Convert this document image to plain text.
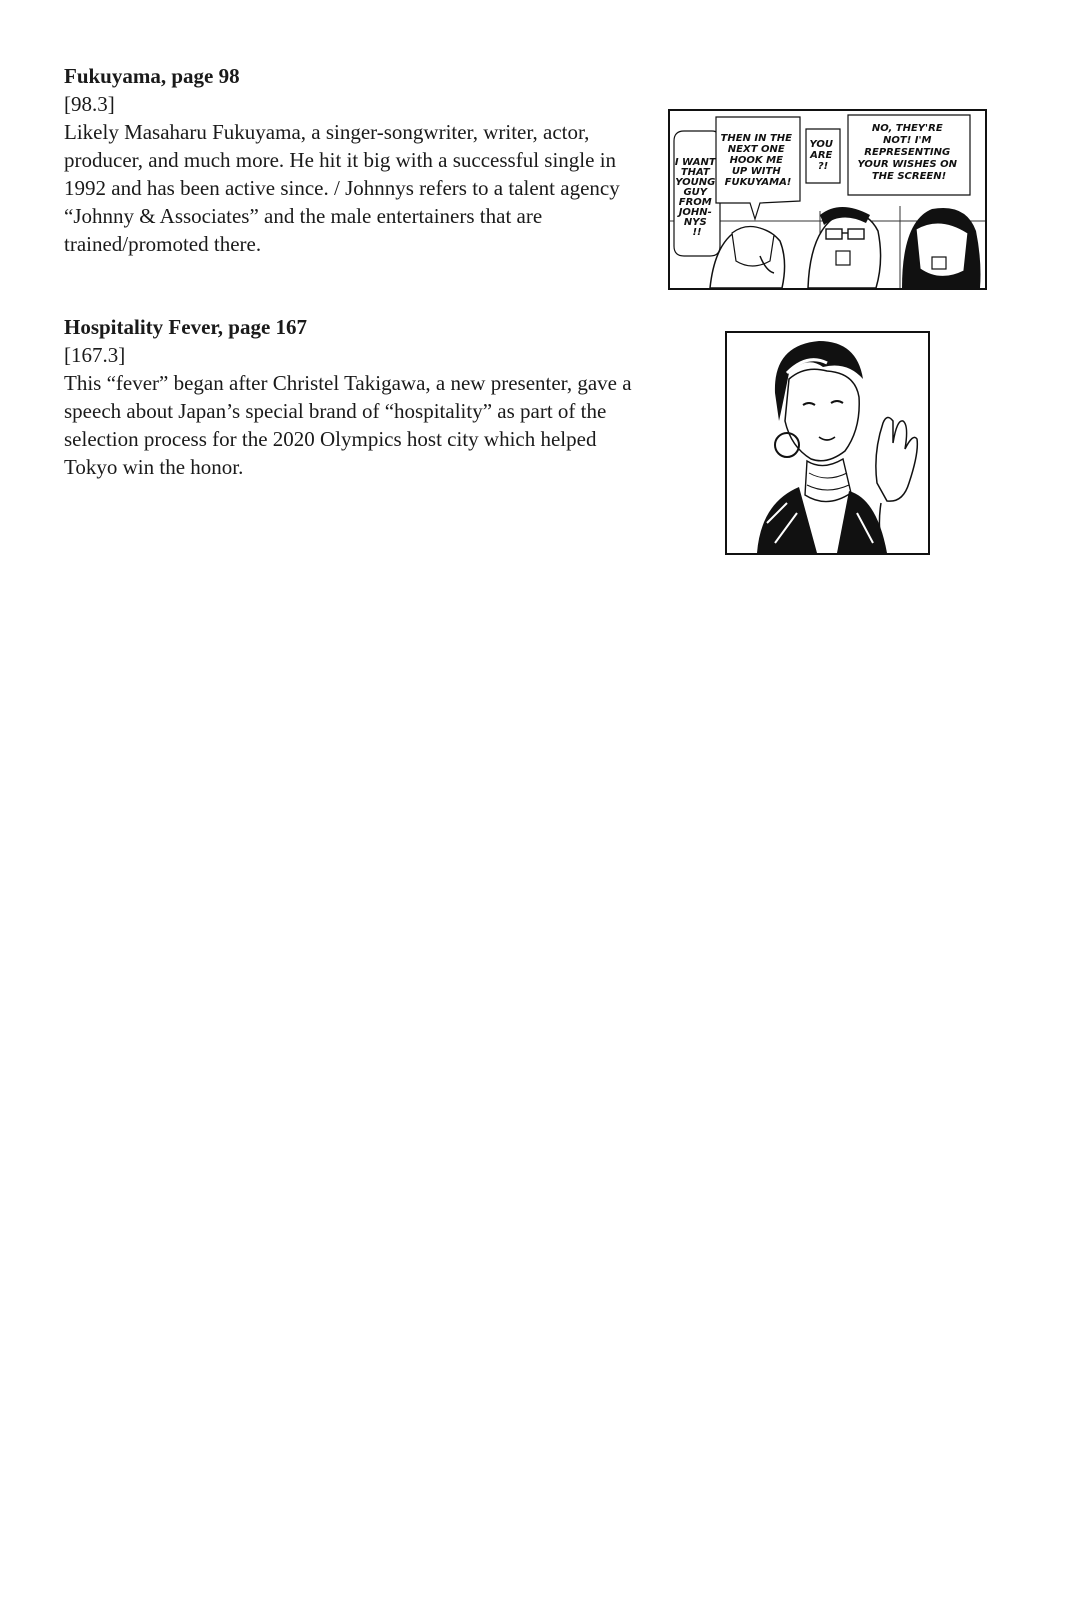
Fukuyama, page 98

[98.3]

Likely Masaharu Fukuyama, a singer-songwriter, writer, actor, producer, and much more. He hit it big with a successful single in 1992 and has been active since. / Johnnys refers to a talent agency “Johnny & Associates” and the male entertainers that are trained/promoted there.

I WANT THAT YOUNG GUY FROM JOHN- NYS !!
THEN IN THE NEXT ONE HOOK ME UP WITH FUKUYAMA!
YOU ARE ?!
NO, THEY'RE NOT! I'M REPRESENTING YOUR WISHES ON THE SCREEN!

Hospitality Fever, page 167

[167.3]

This “fever” began after Christel Takigawa, a new presenter, gave a speech about Japan’s special brand of “hospitality” as part of the selection process for the 2020 Olympics host city which helped Tokyo win the honor.
